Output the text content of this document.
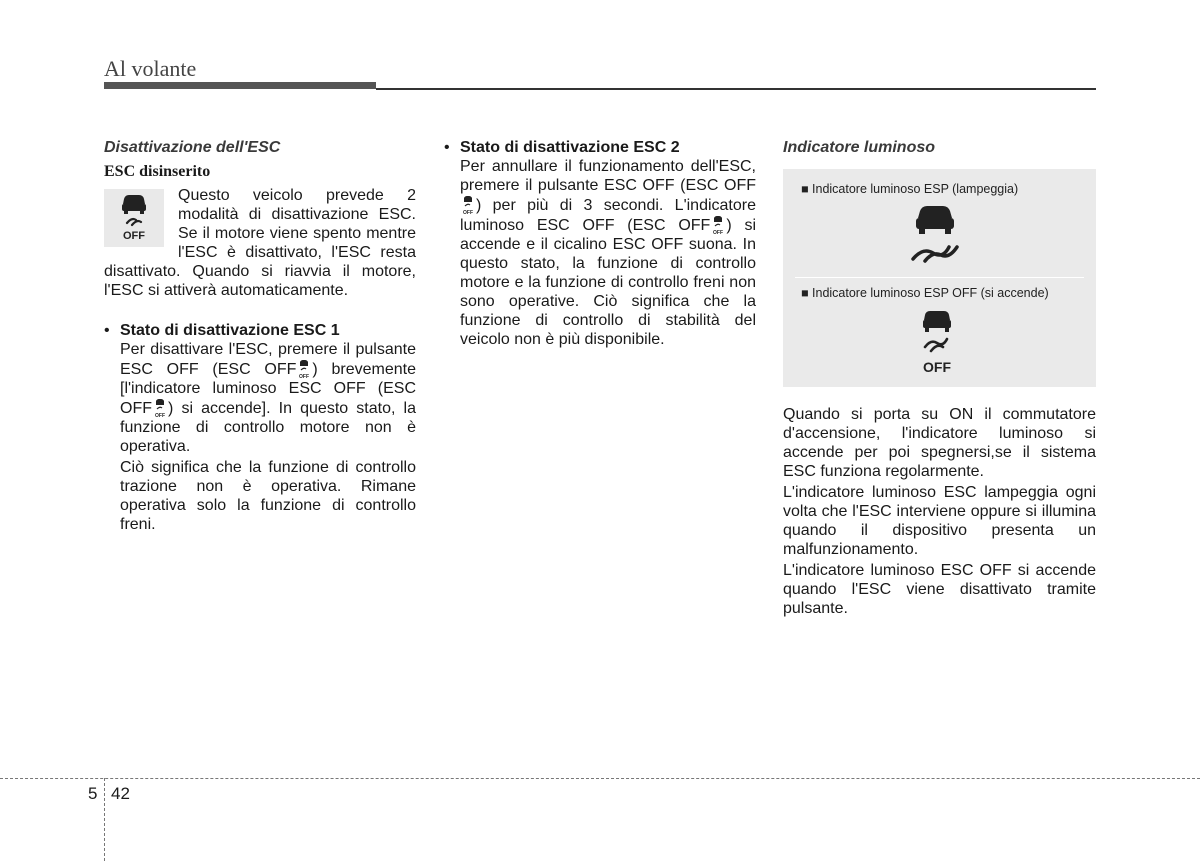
Al volante
Disattivazione dell'ESC
ESC disinserito
OFF
Questo veicolo prevede 2 modalità di disattivazione ESC. Se il motore viene spento mentre l'ESC è disattivato, l'ESC resta disattivato. Quando si riavvia il motore, l'ESC si attiverà automaticamente.
• Stato di disattivazione ESC 1

Per disattivare l'ESC, premere il pulsante ESC OFF (ESC OFF OFF ) brevemente [l'indicatore luminoso ESC OFF (ESC OFF OFF ) si accende]. In questo stato, la funzione di controllo motore non è operativa.

Ciò significa che la funzione di controllo trazione non è operativa. Rimane operativa solo la funzione di controllo freni.

• Stato di disattivazione ESC 2

Per annullare il funzionamento dell'ESC, premere il pulsante ESC OFF (ESC OFF
OFF ) per più di 3 secondi. L'indicatore luminoso ESC OFF (ESC OFF OFF ) si accende e il cicalino ESC OFF suona. In questo stato, la funzione di controllo motore e la funzione di controllo freni non sono operative. Ciò significa che la funzione di controllo di stabilità del veicolo non è più disponibile.

Indicatore luminoso
■ Indicatore luminoso ESP (lampeggia)
■ Indicatore luminoso ESP OFF (si accende)
OFF

Quando si porta su ON il commutatore d'accensione, l'indicatore luminoso si accende per poi spegnersi,se il sistema ESC funziona regolarmente.

L'indicatore luminoso ESC lampeggia ogni volta che l'ESC interviene oppure si illumina quando il dispositivo presenta un malfunzionamento.

L'indicatore luminoso ESC OFF si accende quando l'ESC viene disattivato tramite pulsante.

5 42
